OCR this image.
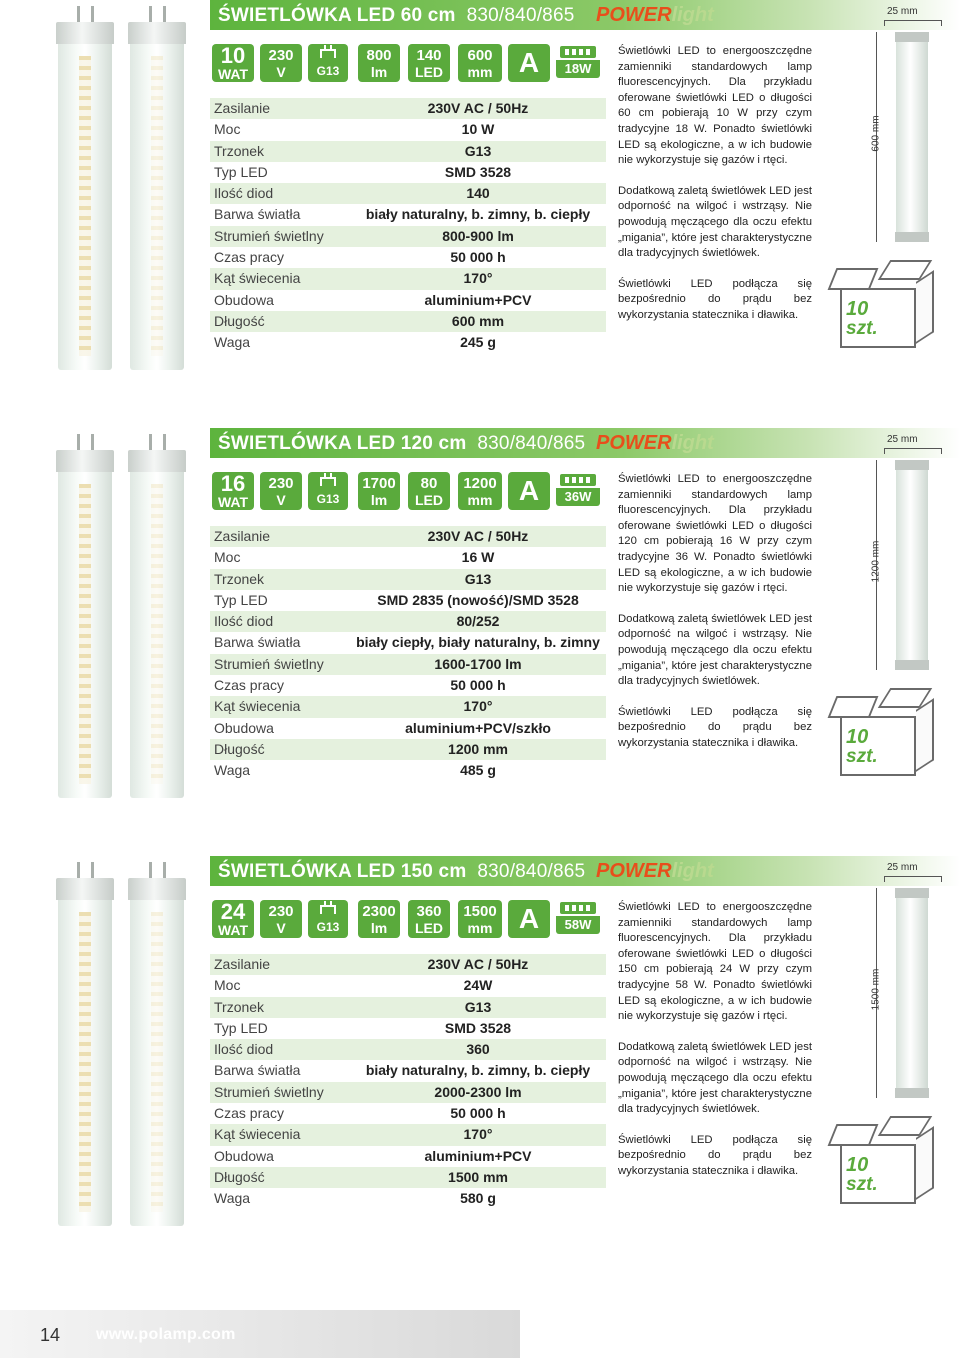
ŚWIETLÓWKA LED 60 cm 830/840/865 POWERlight
10
WAT
230
V	G13
800
lm
140
LED
600
mm A	18W
Zasilanie	230V AC / 50Hz
Moc	10 W
Trzonek	G13
Typ LED	SMD 3528
Ilość diod	140
Barwa światła	biały naturalny, b. zimny, b. ciepły
Strumień świetlny	800-900 lm
Czas pracy	50 000 h
Kąt świecenia	170°
Obudowa	aluminium+PCV
Długość	600 mm
Waga	245 g

Świetlówki LED to energooszczędne zamienniki standardowych lamp fluorescencyjnych. Dla przykładu oferowane świetlówki LED o długości 60 cm pobierają 10 W przy czym tradycyjne 18 W. Ponadto świetlówki LED są ekologiczne, a w ich budowie nie wykorzystuje się gazów i rtęci.

Dodatkową zaletą świetlówek LED jest odporność na wilgoć i wstrząsy. Nie powodują męczącego dla oczu efektu „migania”, które jest charakterystyczne dla tradycyjnych świetlówek.

Świetlówki LED podłącza się bezpośrednio do prądu bez wykorzystania statecznika i dławika.

25 mm
600 mm
10
szt.
ŚWIETLÓWKA LED 120 cm 830/840/865 POWERlight
16
WAT
230
V	G13
1700
lm
80
LED
1200
mm A	36W
Zasilanie	230V AC / 50Hz
Moc	16 W
Trzonek	G13
Typ LED	SMD 2835 (nowość)/SMD 3528
Ilość diod	80/252
Barwa światła	biały ciepły, biały naturalny, b. zimny
Strumień świetlny	1600-1700 lm
Czas pracy	50 000 h
Kąt świecenia	170°
Obudowa	aluminium+PCV/szkło
Długość	1200 mm
Waga	485 g

Świetlówki LED to energooszczędne zamienniki standardowych lamp fluorescencyjnych. Dla przykładu oferowane świetlówki LED o długości 120 cm pobierają 16 W przy czym tradycyjne 36 W. Ponadto świetlówki LED są ekologiczne, a w ich budowie nie wykorzystuje się gazów i rtęci.

Dodatkową zaletą świetlówek LED jest odporność na wilgoć i wstrząsy. Nie powodują męczącego dla oczu efektu „migania”, które jest charakterystyczne dla tradycyjnych świetlówek.

Świetlówki LED podłącza się bezpośrednio do prądu bez wykorzystania statecznika i dławika.

25 mm
1200 mm
10
szt.
ŚWIETLÓWKA LED 150 cm 830/840/865 POWERlight
24
WAT
230
V	G13
2300
lm
360
LED
1500
mm A	58W
Zasilanie	230V AC / 50Hz
Moc	24W
Trzonek	G13
Typ LED	SMD 3528
Ilość diod	360
Barwa światła	biały naturalny, b. zimny, b. ciepły
Strumień świetlny	2000-2300 lm
Czas pracy	50 000 h
Kąt świecenia	170°
Obudowa	aluminium+PCV
Długość	1500 mm
Waga	580 g

Świetlówki LED to energooszczędne zamienniki standardowych lamp fluorescencyjnych. Dla przykładu oferowane świetlówki LED o długości 150 cm pobierają 24 W przy czym tradycyjne 58 W. Ponadto świetlówki LED są ekologiczne, a w ich budowie nie wykorzystuje się gazów i rtęci.

Dodatkową zaletą świetlówek LED jest odporność na wilgoć i wstrząsy. Nie powodują męczącego dla oczu efektu „migania”, które jest charakterystyczne dla tradycyjnych świetlówek.

Świetlówki LED podłącza się bezpośrednio do prądu bez wykorzystania statecznika i dławika.

25 mm
1500 mm
10
szt.
14 www.polamp.com
